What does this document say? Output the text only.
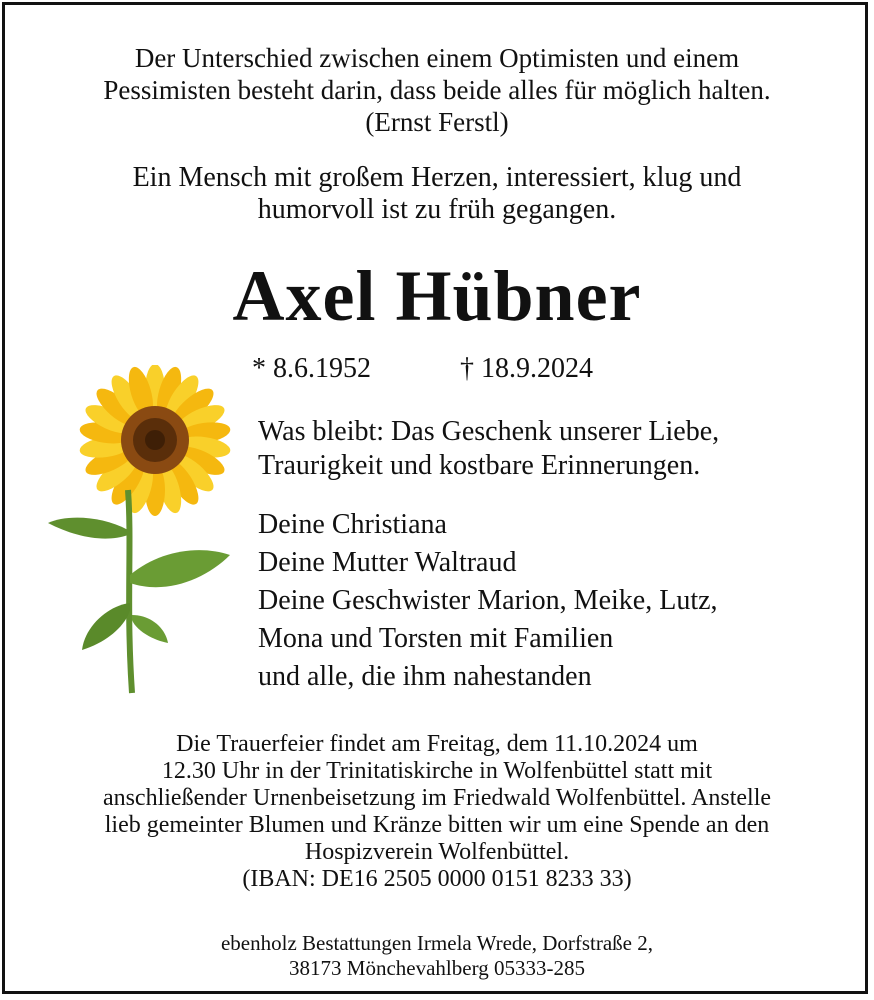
Der Unterschied zwischen einem Optimisten und einem
Pessimisten besteht darin, dass beide alles für möglich halten.
(Ernst Ferstl)
Ein Mensch mit großem Herzen, interessiert, klug und
humorvoll ist zu früh gegangen.
Axel Hübner
* 8.6.1952	† 18.9.2024
Was bleibt: Das Geschenk unserer Liebe,
Traurigkeit und kostbare Erinnerungen.
Deine Christiana
Deine Mutter Waltraud
Deine Geschwister Marion, Meike, Lutz,
Mona und Torsten mit Familien
und alle, die ihm nahestanden
Die Trauerfeier findet am Freitag, dem 11.10.2024 um
12.30 Uhr in der Trinitatiskirche in Wolfenbüttel statt mit
anschließender Urnenbeisetzung im Friedwald Wolfenbüttel. Anstelle
lieb gemeinter Blumen und Kränze bitten wir um eine Spende an den
Hospizverein Wolfenbüttel.
(IBAN: DE16 2505 0000 0151 8233 33)
ebenholz Bestattungen Irmela Wrede, Dorfstraße 2,
38173 Mönchevahlberg 05333-285
